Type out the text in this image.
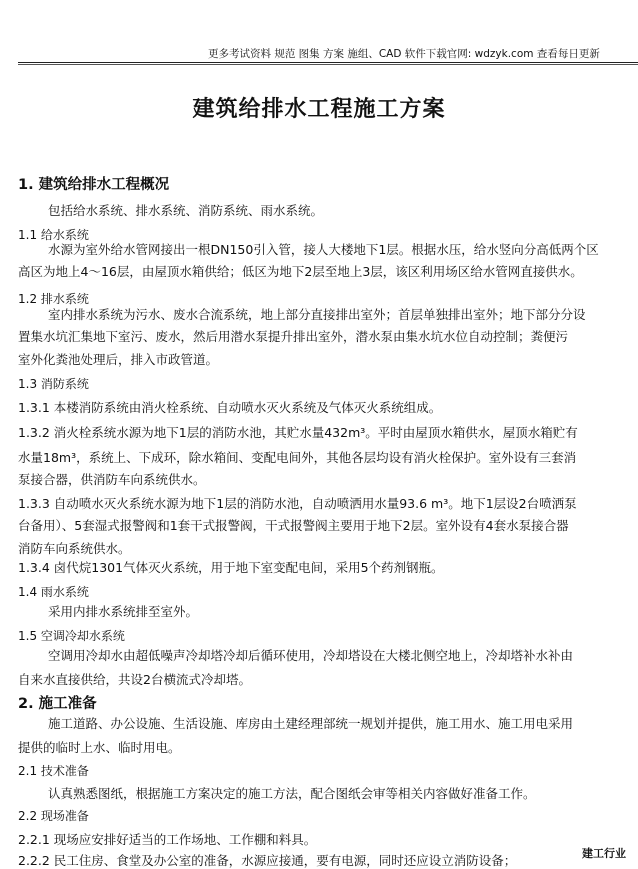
更多考试资料 规范 图集 方案 施组、CAD 软件下载官网: wdzyk.com 查看每日更新
建筑给排水工程施工方案
1. 建筑给排水工程概况
包括给水系统、排水系统、消防系统、雨水系统。
1.1 给水系统
水源为室外给水管网接出一根DN150引入管，接人大楼地下1层。根据水压，给水竖向分高低两个区
高区为地上4～16层，由屋顶水箱供给；低区为地下2层至地上3层，该区利用场区给水管网直接供水。
1.2 排水系统
室内排水系统为污水、废水合流系统，地上部分直接排出室外；首层单独排出室外；地下部分分设
置集水坑汇集地下室污、废水，然后用潜水泵提升排出室外，潜水泵由集水坑水位自动控制；粪便污
室外化粪池处理后，排入市政管道。
1.3 消防系统
1.3.1 本楼消防系统由消火栓系统、自动喷水灭火系统及气体灭火系统组成。
1.3.2 消火栓系统水源为地下1层的消防水池，其贮水量432m³。平时由屋顶水箱供水，屋顶水箱贮有
水量18m³，系统上、下成环，除水箱间、变配电间外，其他各层均设有消火栓保护。室外设有三套消
泵接合器，供消防车向系统供水。
1.3.3 自动喷水灭火系统水源为地下1层的消防水池，自动喷洒用水量93.6 m³。地下1层设2台喷洒泵
台备用）、5套湿式报警阀和1套干式报警阀，干式报警阀主要用于地下2层。室外设有4套水泵接合器
消防车向系统供水。
1.3.4 卤代烷1301气体灭火系统，用于地下室变配电间，采用5个药剂钢瓶。
1.4 雨水系统
采用内排水系统排至室外。
1.5 空调冷却水系统
空调用冷却水由超低噪声冷却塔冷却后循环使用，冷却塔设在大楼北侧空地上，冷却塔补水补由
自来水直接供给，共设2台横流式冷却塔。
2. 施工准备
施工道路、办公设施、生活设施、库房由土建经理部统一规划并提供，施工用水、施工用电采用
提供的临时上水、临时用电。
2.1 技术准备
认真熟悉图纸，根据施工方案决定的施工方法，配合图纸会审等相关内容做好准备工作。
2.2 现场准备
2.2.1 现场应安排好适当的工作场地、工作棚和料具。
2.2.2 民工住房、食堂及办公室的准备，水源应接通，要有电源，同时还应设立消防设备；	建工行业
